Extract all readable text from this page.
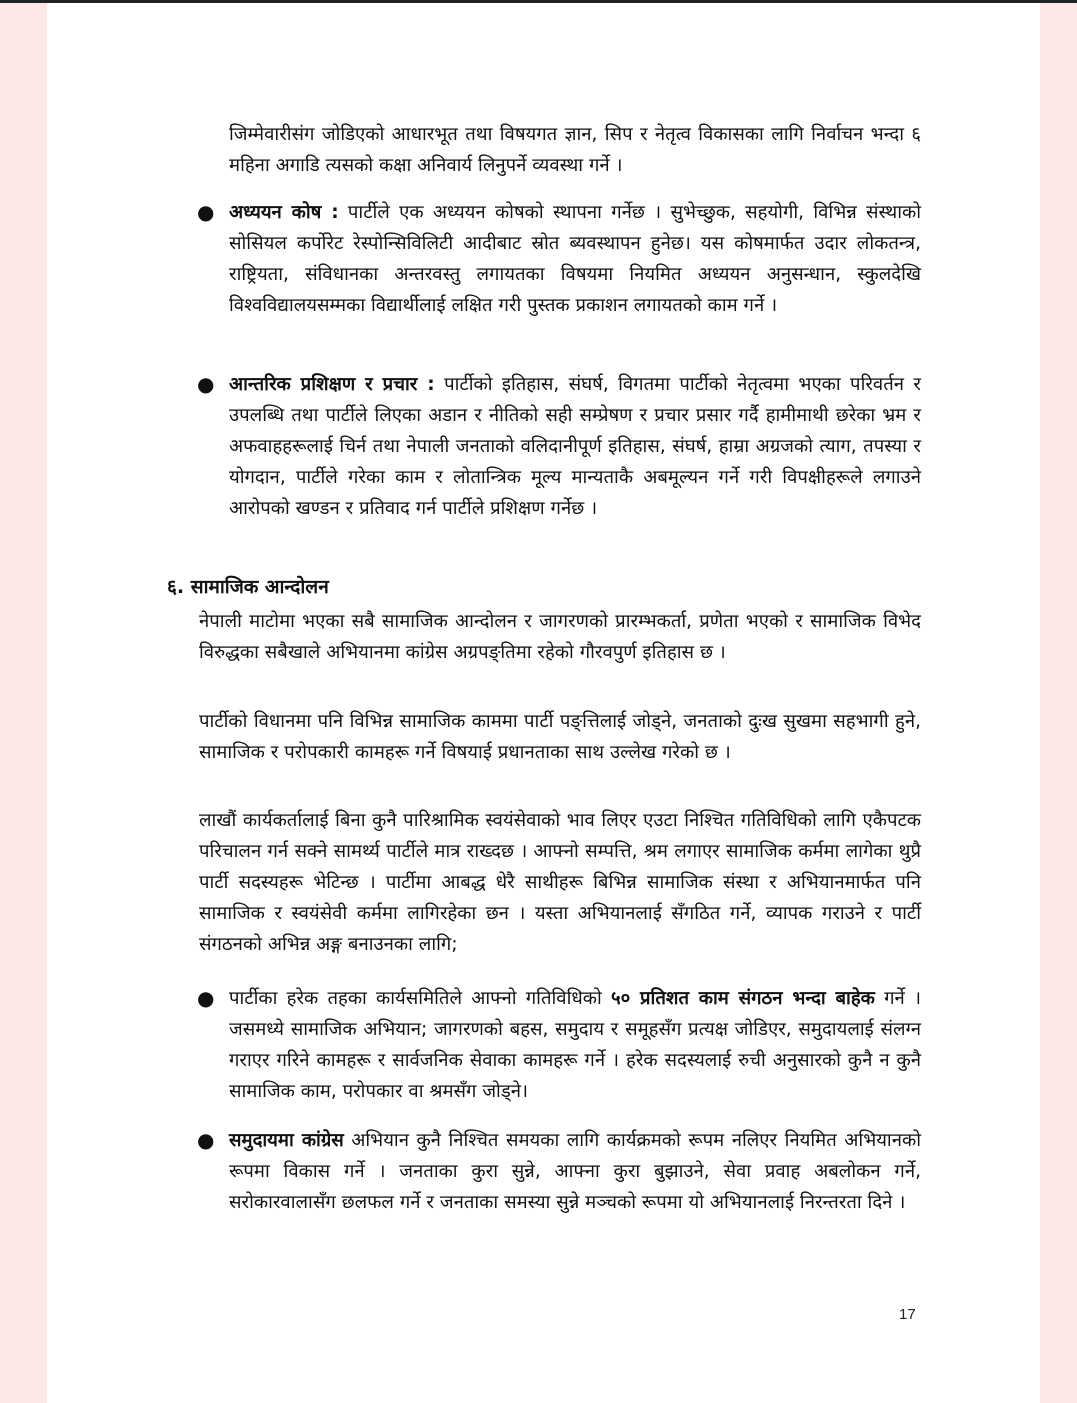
जिम्मेवारीसंग जोडिएको आधारभूत तथा विषयगत ज्ञान, सिप र नेतृत्व विकासका लागि निर्वाचन भन्दा ६ महिना अगाडि त्यसको कक्षा अनिवार्य लिनुपर्ने व्यवस्था गर्ने ।

● अध्ययन कोष : पार्टीले एक अध्ययन कोषको स्थापना गर्नेछ । सुभेच्छुक, सहयोगी, विभिन्न संस्थाको सोसियल कर्पोरेट रेस्पोन्सिविलिटी आदीबाट स्रोत ब्यवस्थापन हुनेछ। यस कोषमार्फत उदार लोकतन्त्र, राष्ट्रियता, संविधानका अन्तरवस्तु लगायतका विषयमा नियमित अध्ययन अनुसन्धान, स्कुलदेखि विश्वविद्यालयसम्मका विद्यार्थीलाई लक्षित गरी पुस्तक प्रकाशन लगायतको काम गर्ने ।

● आन्तरिक प्रशिक्षण र प्रचार : पार्टीको इतिहास, संघर्ष, विगतमा पार्टीको नेतृत्वमा भएका परिवर्तन र उपलब्धि तथा पार्टीले लिएका अडान र नीतिको सही सम्प्रेषण र प्रचार प्रसार गर्दै हामीमाथी छरेका भ्रम र अफवाहहरूलाई चिर्न तथा नेपाली जनताको वलिदानीपूर्ण इतिहास, संघर्ष, हाम्रा अग्रजको त्याग, तपस्या र योगदान, पार्टीले गरेका काम र लोतान्त्रिक मूल्य मान्यताकै अबमूल्यन गर्ने गरी विपक्षीहरूले लगाउने आरोपको खण्डन र प्रतिवाद गर्न पार्टीले प्रशिक्षण गर्नेछ ।

६. सामाजिक आन्दोलन

नेपाली माटोमा भएका सबै सामाजिक आन्दोलन र जागरणको प्रारम्भकर्ता, प्रणेता भएको र सामाजिक विभेद विरुद्धका सबैखाले अभियानमा कांग्रेस अग्रपङ्‌तिमा रहेको गौरवपुर्ण इतिहास छ ।

पार्टीको विधानमा पनि विभिन्न सामाजिक काममा पार्टी पङ्‌त्तिलाई जोड्ने, जनताको दुःख सुखमा सहभागी हुने, सामाजिक र परोपकारी कामहरू गर्ने विषयाई प्रधानताका साथ उल्लेख गरेको छ ।

लाखौं कार्यकर्तालाई बिना कुनै पारिश्रामिक स्वयंसेवाको भाव लिएर एउटा निश्चित गतिविधिको लागि एकैपटक परिचालन गर्न सक्ने सामर्थ्य पार्टीले मात्र राख्दछ । आफ्नो सम्पत्ति, श्रम लगाएर सामाजिक कर्ममा लागेका थुप्रै पार्टी सदस्यहरू भेटिन्छ । पार्टीमा आबद्ध धेरै साथीहरू बिभिन्न सामाजिक संस्था र अभियानमार्फत पनि सामाजिक र स्वयंसेवी कर्ममा लागिरहेका छन । यस्ता अभियानलाई सँगठित गर्ने, व्यापक गराउने र पार्टी संगठनको अभिन्न अङ्ग बनाउनका लागि;

● पार्टीका हरेक तहका कार्यसमितिले आफ्नो गतिविधिको ५० प्रतिशत काम संगठन भन्दा बाहेक गर्ने । जसमध्ये सामाजिक अभियान; जागरणको बहस, समुदाय र समूहसँग प्रत्यक्ष जोडिएर, समुदायलाई संलग्न गराएर गरिने कामहरू र सार्वजनिक सेवाका कामहरू गर्ने । हरेक सदस्यलाई रुची अनुसारको कुनै न कुनै सामाजिक काम, परोपकार वा श्रमसँग जोड्ने।

● समुदायमा कांग्रेस अभियान कुनै निश्चित समयका लागि कार्यक्रमको रूपम नलिएर नियमित अभियानको रूपमा विकास गर्ने । जनताका कुरा सुन्ने, आफ्ना कुरा बुझाउने, सेवा प्रवाह अबलोकन गर्ने, सरोकारवालासँग छलफल गर्ने र जनताका समस्या सुन्ने मञ्चको रूपमा यो अभियानलाई निरन्तरता दिने ।

17
